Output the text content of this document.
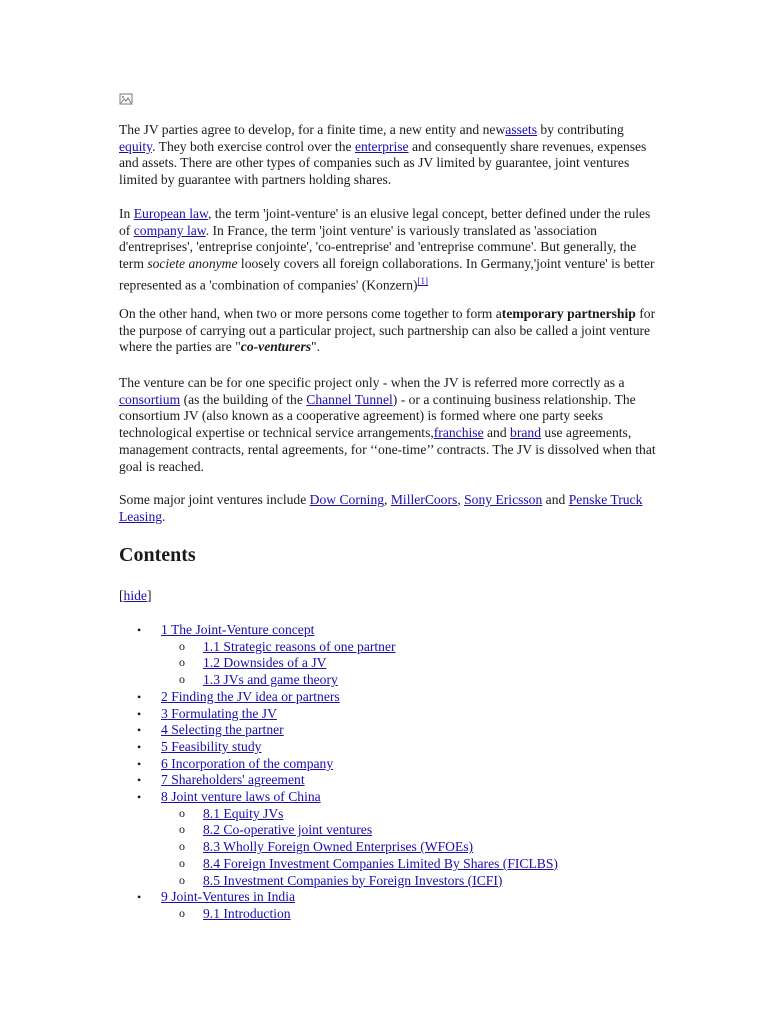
The JV parties agree to develop, for a finite time, a new entity and newassets by contributing equity. They both exercise control over the enterprise and consequently share revenues, expenses and assets. There are other types of companies such as JV limited by guarantee, joint ventures limited by guarantee with partners holding shares.

In European law, the term 'joint-venture' is an elusive legal concept, better defined under the rules of company law. In France, the term 'joint venture' is variously translated as 'association d'entreprises', 'entreprise conjointe', 'co-entreprise' and 'entreprise commune'. But generally, the term societe anonyme loosely covers all foreign collaborations. In Germany,'joint venture' is better represented as a 'combination of companies' (Konzern)[1]

On the other hand, when two or more persons come together to form atemporary partnership for the purpose of carrying out a particular project, such partnership can also be called a joint venture where the parties are "co-venturers".

The venture can be for one specific project only - when the JV is referred more correctly as a consortium (as the building of the Channel Tunnel) - or a continuing business relationship. The consortium JV (also known as a cooperative agreement) is formed where one party seeks technological expertise or technical service arrangements,franchise and brand use agreements, management contracts, rental agreements, for ‘‘one-time’’ contracts. The JV is dissolved when that goal is reached.

Some major joint ventures include Dow Corning, MillerCoors, Sony Ericsson and Penske Truck Leasing.

Contents
[hide]
• 1 The Joint-Venture concept
o 1.1 Strategic reasons of one partner
o 1.2 Downsides of a JV
o 1.3 JVs and game theory
• 2 Finding the JV idea or partners
• 3 Formulating the JV
• 4 Selecting the partner
• 5 Feasibility study
• 6 Incorporation of the company
• 7 Shareholders' agreement
• 8 Joint venture laws of China
o 8.1 Equity JVs
o 8.2 Co-operative joint ventures
o 8.3 Wholly Foreign Owned Enterprises (WFOEs)
o 8.4 Foreign Investment Companies Limited By Shares (FICLBS)
o 8.5 Investment Companies by Foreign Investors (ICFI)
• 9 Joint-Ventures in India
o 9.1 Introduction
